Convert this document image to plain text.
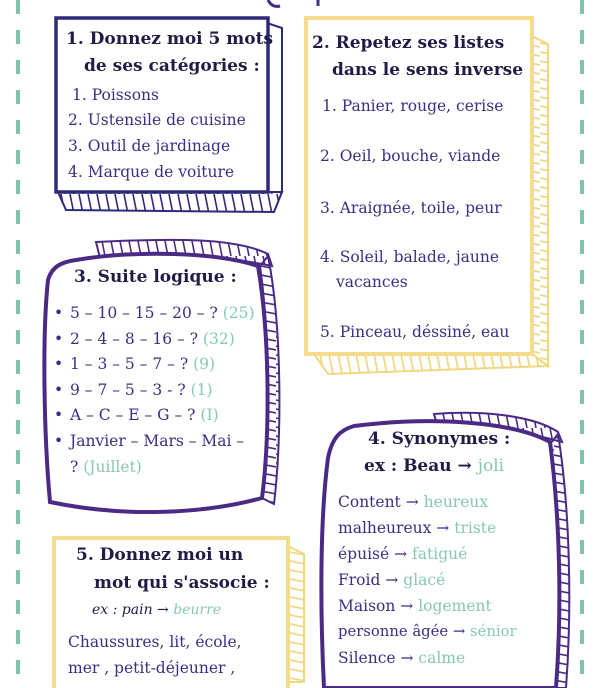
1. Donnez moi 5 mots
de ses catégories :
1. Poissons
2. Ustensile de cuisine
3. Outil de jardinage
4. Marque de voiture
2. Repetez ses listes
dans le sens inverse
1. Panier, rouge, cerise
2. Oeil, bouche, viande
3. Araignée, toile, peur
4. Soleil, balade, jaune
vacances
5. Pinceau, déssiné, eau
3. Suite logique :
• 5 – 10 – 15 – 20 – ? (25)
• 2 – 4 – 8 – 16 – ? (32)
• 1 – 3 – 5 – 7 – ? (9)
• 9 – 7 – 5 – 3 - ? (1)
• A – C – E – G – ? (I)
• Janvier – Mars – Mai –
? (Juillet)
4. Synonymes :
ex : Beau → joli
Content → heureux
malheureux → triste
épuisé → fatigué
Froid → glacé
Maison → logement
personne âgée → sénior
Silence → calme
5. Donnez moi un
mot qui s'associe :
ex : pain → beurre
Chaussures, lit, école,
mer , petit-déjeuner ,
